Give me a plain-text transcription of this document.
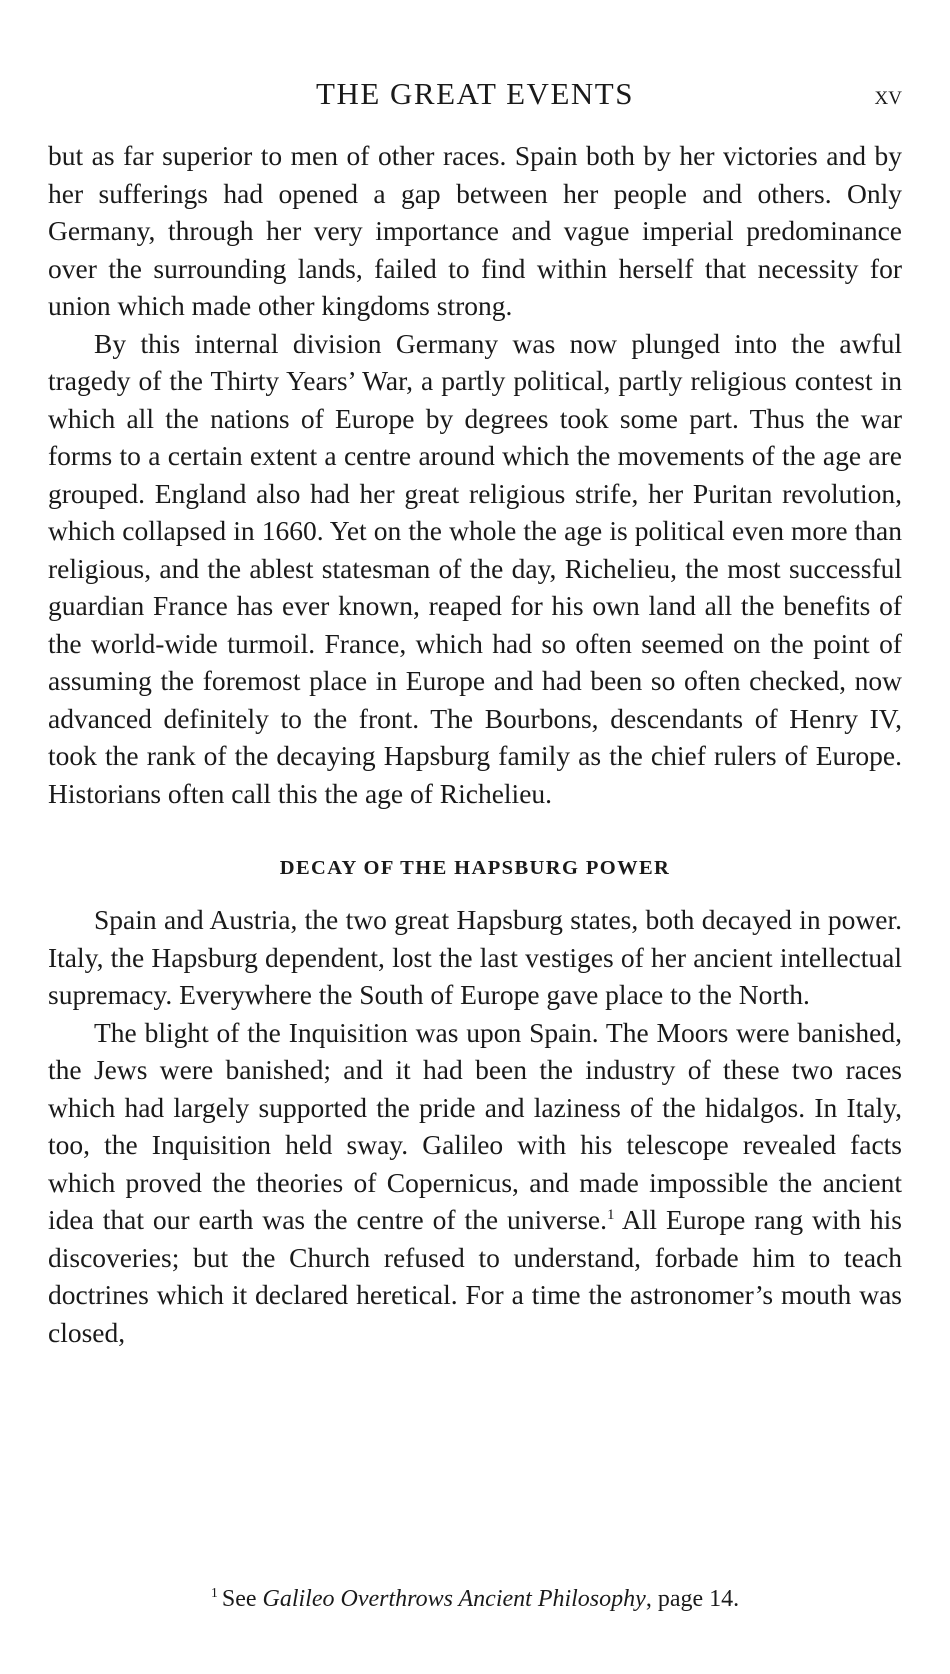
THE GREAT EVENTS	xv

but as far superior to men of other races. Spain both by her victories and by her sufferings had opened a gap between her people and others. Only Germany, through her very importance and vague imperial predominance over the surrounding lands, failed to find within herself that necessity for union which made other kingdoms strong.

By this internal division Germany was now plunged into the awful tragedy of the Thirty Years’ War, a partly political, partly religious contest in which all the nations of Europe by degrees took some part. Thus the war forms to a certain extent a centre around which the movements of the age are grouped. England also had her great religious strife, her Puritan revolution, which collapsed in 1660. Yet on the whole the age is political even more than religious, and the ablest statesman of the day, Richelieu, the most successful guardian France has ever known, reaped for his own land all the benefits of the world-wide turmoil. France, which had so often seemed on the point of assuming the foremost place in Europe and had been so often checked, now advanced definitely to the front. The Bourbons, descendants of Henry IV, took the rank of the decaying Hapsburg family as the chief rulers of Europe. Historians often call this the age of Richelieu.

DECAY OF THE HAPSBURG POWER

Spain and Austria, the two great Hapsburg states, both decayed in power. Italy, the Hapsburg dependent, lost the last vestiges of her ancient intellectual supremacy. Everywhere the South of Europe gave place to the North.

The blight of the Inquisition was upon Spain. The Moors were banished, the Jews were banished; and it had been the industry of these two races which had largely supported the pride and laziness of the hidalgos. In Italy, too, the Inquisition held sway. Galileo with his telescope revealed facts which proved the theories of Copernicus, and made impossible the ancient idea that our earth was the centre of the universe.$^1$ All Europe rang with his discoveries; but the Church refused to understand, forbade him to teach doctrines which it declared heretical. For a time the astronomer’s mouth was closed,

$^1$ See Galileo Overthrows Ancient Philosophy, page 14.
